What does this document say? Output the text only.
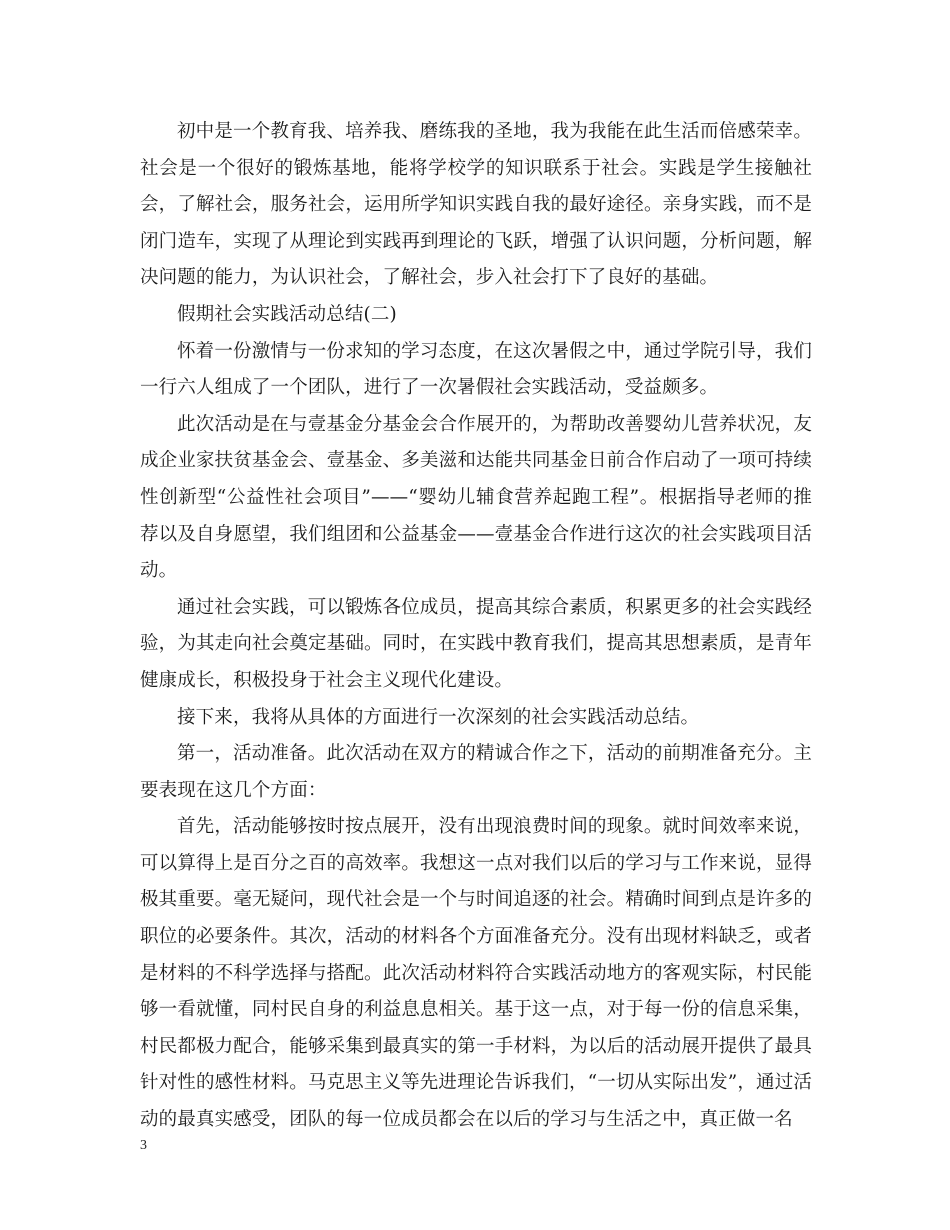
初中是一个教育我、培养我、磨练我的圣地，我为我能在此生活而倍感荣幸。社会是一个很好的锻炼基地，能将学校学的知识联系于社会。实践是学生接触社会，了解社会，服务社会，运用所学知识实践自我的最好途径。亲身实践，而不是闭门造车，实现了从理论到实践再到理论的飞跃，增强了认识问题，分析问题，解决问题的能力，为认识社会，了解社会，步入社会打下了良好的基础。

假期社会实践活动总结(二)

怀着一份激情与一份求知的学习态度，在这次暑假之中，通过学院引导，我们一行六人组成了一个团队，进行了一次暑假社会实践活动，受益颇多。

此次活动是在与壹基金分基金会合作展开的，为帮助改善婴幼儿营养状况，友成企业家扶贫基金会、壹基金、多美滋和达能共同基金日前合作启动了一项可持续性创新型“公益性社会项目”——“婴幼儿辅食营养起跑工程”。根据指导老师的推荐以及自身愿望，我们组团和公益基金——壹基金合作进行这次的社会实践项目活动。

通过社会实践，可以锻炼各位成员，提高其综合素质，积累更多的社会实践经验，为其走向社会奠定基础。同时，在实践中教育我们，提高其思想素质，是青年健康成长，积极投身于社会主义现代化建设。

接下来，我将从具体的方面进行一次深刻的社会实践活动总结。

第一，活动准备。此次活动在双方的精诚合作之下，活动的前期准备充分。主要表现在这几个方面：

首先，活动能够按时按点展开，没有出现浪费时间的现象。就时间效率来说，可以算得上是百分之百的高效率。我想这一点对我们以后的学习与工作来说，显得极其重要。毫无疑问，现代社会是一个与时间追逐的社会。精确时间到点是许多的职位的必要条件。其次，活动的材料各个方面准备充分。没有出现材料缺乏，或者是材料的不科学选择与搭配。此次活动材料符合实践活动地方的客观实际，村民能够一看就懂，同村民自身的利益息息相关。基于这一点，对于每一份的信息采集，村民都极力配合，能够采集到最真实的第一手材料，为以后的活动展开提供了最具针对性的感性材料。马克思主义等先进理论告诉我们，“一切从实际出发”，通过活动的最真实感受，团队的每一位成员都会在以后的学习与生活之中，真正做一名

3
